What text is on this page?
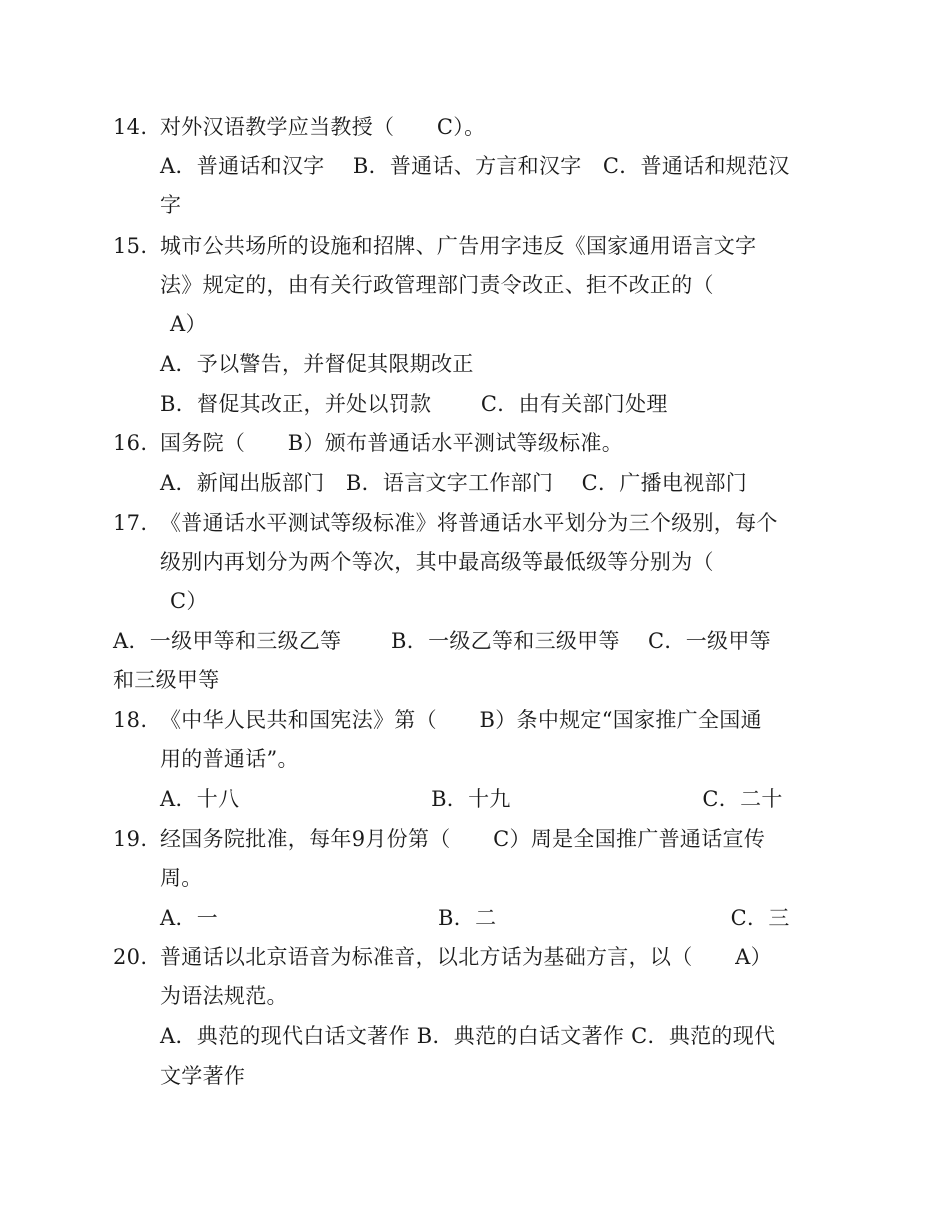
14. 对外汉语教学应当教授（　　C）。
A．普通话和汉字　 B．普通话、方言和汉字　C．普通话和规范汉
字
15. 城市公共场所的设施和招牌、广告用字违反《国家通用语言文字
法》规定的，由有关行政管理部门责令改正、拒不改正的（
A）
A．予以警告，并督促其限期改正
B．督促其改正，并处以罚款　　 C．由有关部门处理
16. 国务院（　　B）颁布普通话水平测试等级标准。
A．新闻出版部门　B．语言文字工作部门　 C．广播电视部门
17. 《普通话水平测试等级标准》将普通话水平划分为三个级别，每个
级别内再划分为两个等次，其中最高级等最低级等分别为（
C）
A．一级甲等和三级乙等　　 B．一级乙等和三级甲等　 C．一级甲等
和三级甲等
18. 《中华人民共和国宪法》第（　　B）条中规定“国家推广全国通
用的普通话”。
A．十八　　　　　　　　　B．十九　　　　　　　　　C．二十
19. 经国务院批准，每年9月份第（　　C）周是全国推广普通话宣传
周。
A．一　　　　　　　　　　 B．二　　　　　　　　　　　C．三
20. 普通话以北京语音为标准音，以北方话为基础方言，以（　　A）
为语法规范。
A．典范的现代白话文著作 B．典范的白话文著作 C．典范的现代
文学著作
